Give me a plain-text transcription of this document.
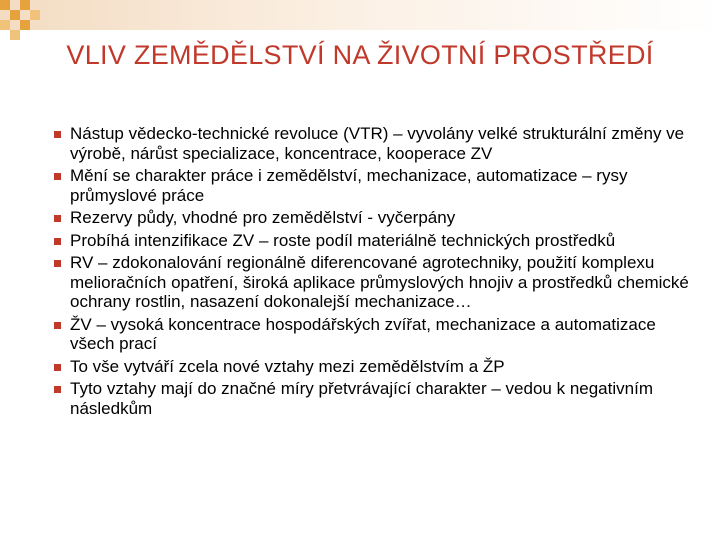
VLIV ZEMĚDĚLSTVÍ NA ŽIVOTNÍ PROSTŘEDÍ
Nástup vědecko-technické revoluce (VTR) – vyvolány velké strukturální změny ve výrobě, nárůst specializace, koncentrace, kooperace ZV
Mění se charakter práce i zemědělství, mechanizace, automatizace – rysy průmyslové práce
Rezervy půdy, vhodné pro zemědělství - vyčerpány
Probíhá intenzifikace ZV – roste podíl materiálně technických prostředků
RV – zdokonalování regionálně diferencované agrotechniky, použití komplexu melioračních opatření, široká aplikace průmyslových hnojiv a prostředků chemické ochrany rostlin, nasazení dokonalejší mechanizace…
ŽV – vysoká koncentrace hospodářských zvířat, mechanizace a automatizace všech prací
To vše vytváří zcela nové vztahy mezi zemědělstvím a ŽP
Tyto vztahy mají do značné míry přetvrávající charakter – vedou k negativním následkům
